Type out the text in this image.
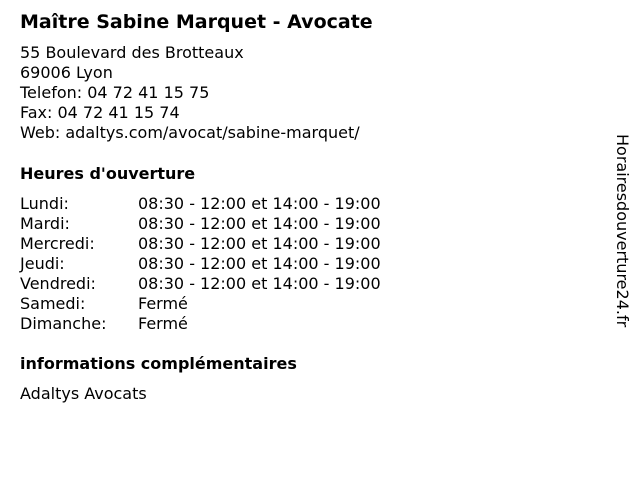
Maître Sabine Marquet - Avocate
55 Boulevard des Brotteaux
69006 Lyon
Telefon: 04 72 41 15 75
Fax: 04 72 41 15 74
Web: adaltys.com/avocat/sabine-marquet/
Heures d'ouverture
Lundi:	08:30 - 12:00 et 14:00 - 19:00
Mardi:	08:30 - 12:00 et 14:00 - 19:00
Mercredi:	08:30 - 12:00 et 14:00 - 19:00
Jeudi:	08:30 - 12:00 et 14:00 - 19:00
Vendredi:	08:30 - 12:00 et 14:00 - 19:00
Samedi:	Fermé
Dimanche:	Fermé
informations complémentaires
Adaltys Avocats
Horairesdouverture24.fr
